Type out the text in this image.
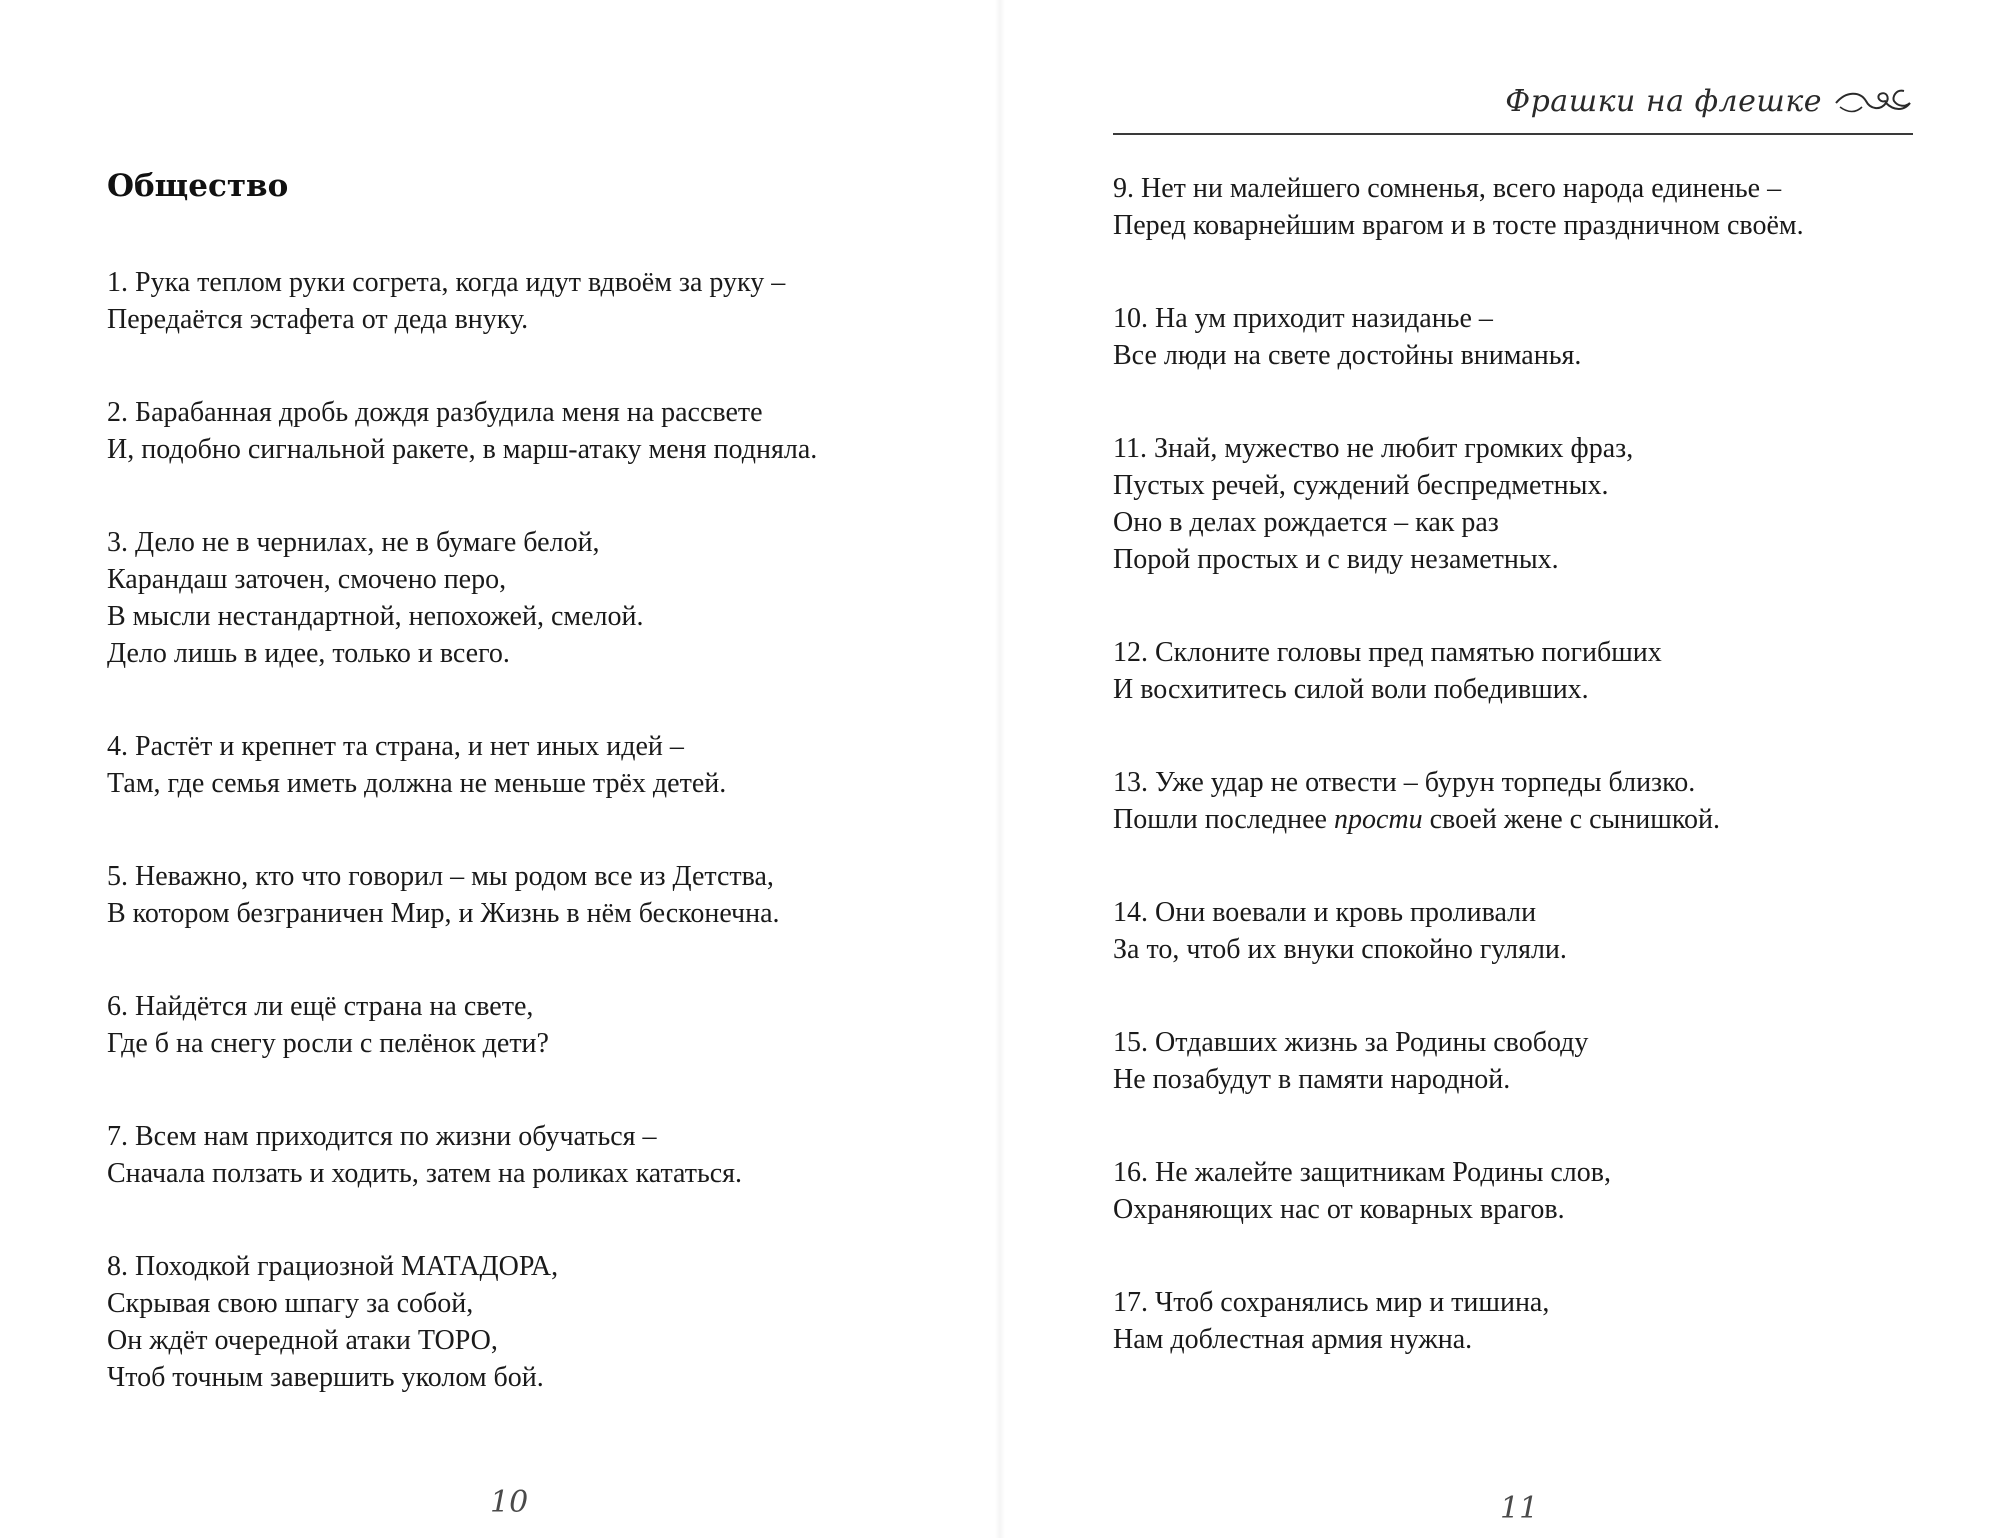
Общество
1. Рука теплом руки согрета, когда идут вдвоём за руку –
Передаётся эстафета от деда внуку.
2. Барабанная дробь дождя разбудила меня на рассвете
И, подобно сигнальной ракете, в марш-атаку меня подняла.
3. Дело не в чернилах, не в бумаге белой,
Карандаш заточен, смочено перо,
В мысли нестандартной, непохожей, смелой.
Дело лишь в идее, только и всего.
4. Растёт и крепнет та страна, и нет иных идей –
Там, где семья иметь должна не меньше трёх детей.
5. Неважно, кто что говорил – мы родом все из Детства,
В котором безграничен Мир, и Жизнь в нём бесконечна.
6. Найдётся ли ещё страна на свете,
Где б на снегу росли с пелёнок дети?
7. Всем нам приходится по жизни обучаться –
Сначала ползать и ходить, затем на роликах кататься.
8. Походкой грациозной МАТАДОРА,
Скрывая свою шпагу за собой,
Он ждёт очередной атаки ТОРО,
Чтоб точным завершить уколом бой.
10
Фрашки на флешке
9. Нет ни малейшего сомненья, всего народа единенье –
Перед коварнейшим врагом и в тосте праздничном своём.
10. На ум приходит назиданье –
Все люди на свете достойны вниманья.
11. Знай, мужество не любит громких фраз,
Пустых речей, суждений беспредметных.
Оно в делах рождается – как раз
Порой простых и с виду незаметных.
12. Склоните головы пред памятью погибших
И восхититесь силой воли победивших.
13. Уже удар не отвести – бурун торпеды близко.
Пошли последнее прости своей жене с сынишкой.
14. Они воевали и кровь проливали
За то, чтоб их внуки спокойно гуляли.
15. Отдавших жизнь за Родины свободу
Не позабудут в памяти народной.
16. Не жалейте защитникам Родины слов,
Охраняющих нас от коварных врагов.
17. Чтоб сохранялись мир и тишина,
Нам доблестная армия нужна.
11
